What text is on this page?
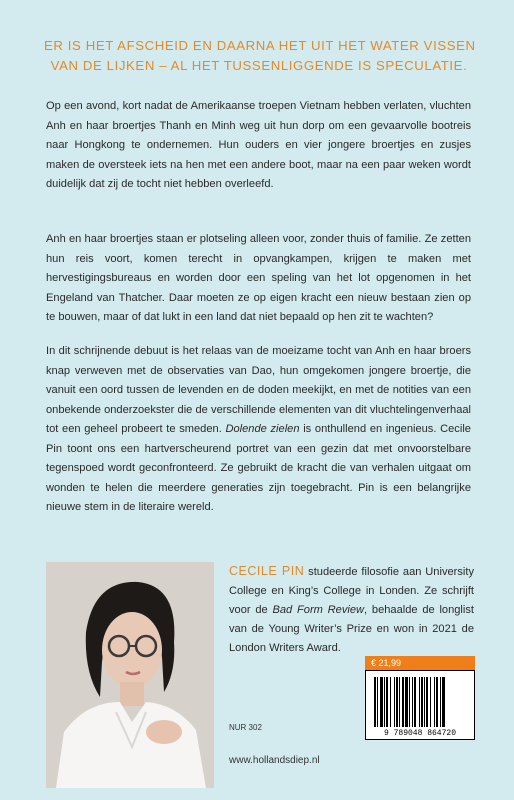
ER IS HET AFSCHEID EN DAARNA HET UIT HET WATER VISSEN
VAN DE LIJKEN – AL HET TUSSENLIGGENDE IS SPECULATIE.

Op een avond, kort nadat de Amerikaanse troepen Vietnam hebben verlaten, vluchten Anh en haar broertjes Thanh en Minh weg uit hun dorp om een gevaarvolle bootreis naar Hongkong te ondernemen. Hun ouders en vier jongere broertjes en zusjes maken de oversteek iets na hen met een andere boot, maar na een paar weken wordt duidelijk dat zij de tocht niet hebben overleefd.

Anh en haar broertjes staan er plotseling alleen voor, zonder thuis of familie. Ze zetten hun reis voort, komen terecht in opvangkampen, krijgen te maken met hervestigingsbureaus en worden door een speling van het lot opgenomen in het Engeland van Thatcher. Daar moeten ze op eigen kracht een nieuw bestaan zien op te bouwen, maar of dat lukt in een land dat niet bepaald op hen zit te wachten?

In dit schrijnende debuut is het relaas van de moeizame tocht van Anh en haar broers knap verweven met de observaties van Dao, hun omgekomen jongere broertje, die vanuit een oord tussen de levenden en de doden meekijkt, en met de notities van een onbekende onderzoekster die de verschillende elementen van dit vluchtelingenverhaal tot een geheel probeert te smeden. Dolende zielen is onthullend en ingenieus. Cecile Pin toont ons een hartverscheurend portret van een gezin dat met onvoorstelbare tegenspoed wordt geconfronteerd. Ze gebruikt de kracht die van verhalen uitgaat om wonden te helen die meerdere generaties zijn toegebracht. Pin is een belangrijke nieuwe stem in de literaire wereld.

CECILE PIN studeerde filosofie aan University College en King’s College in Londen. Ze schrijft voor de Bad Form Review, behaalde de longlist van de Young Writer’s Prize en won in 2021 de London Writers Award.

€ 21,99
9 789048 864720
NUR 302
www.hollandsdiep.nl
